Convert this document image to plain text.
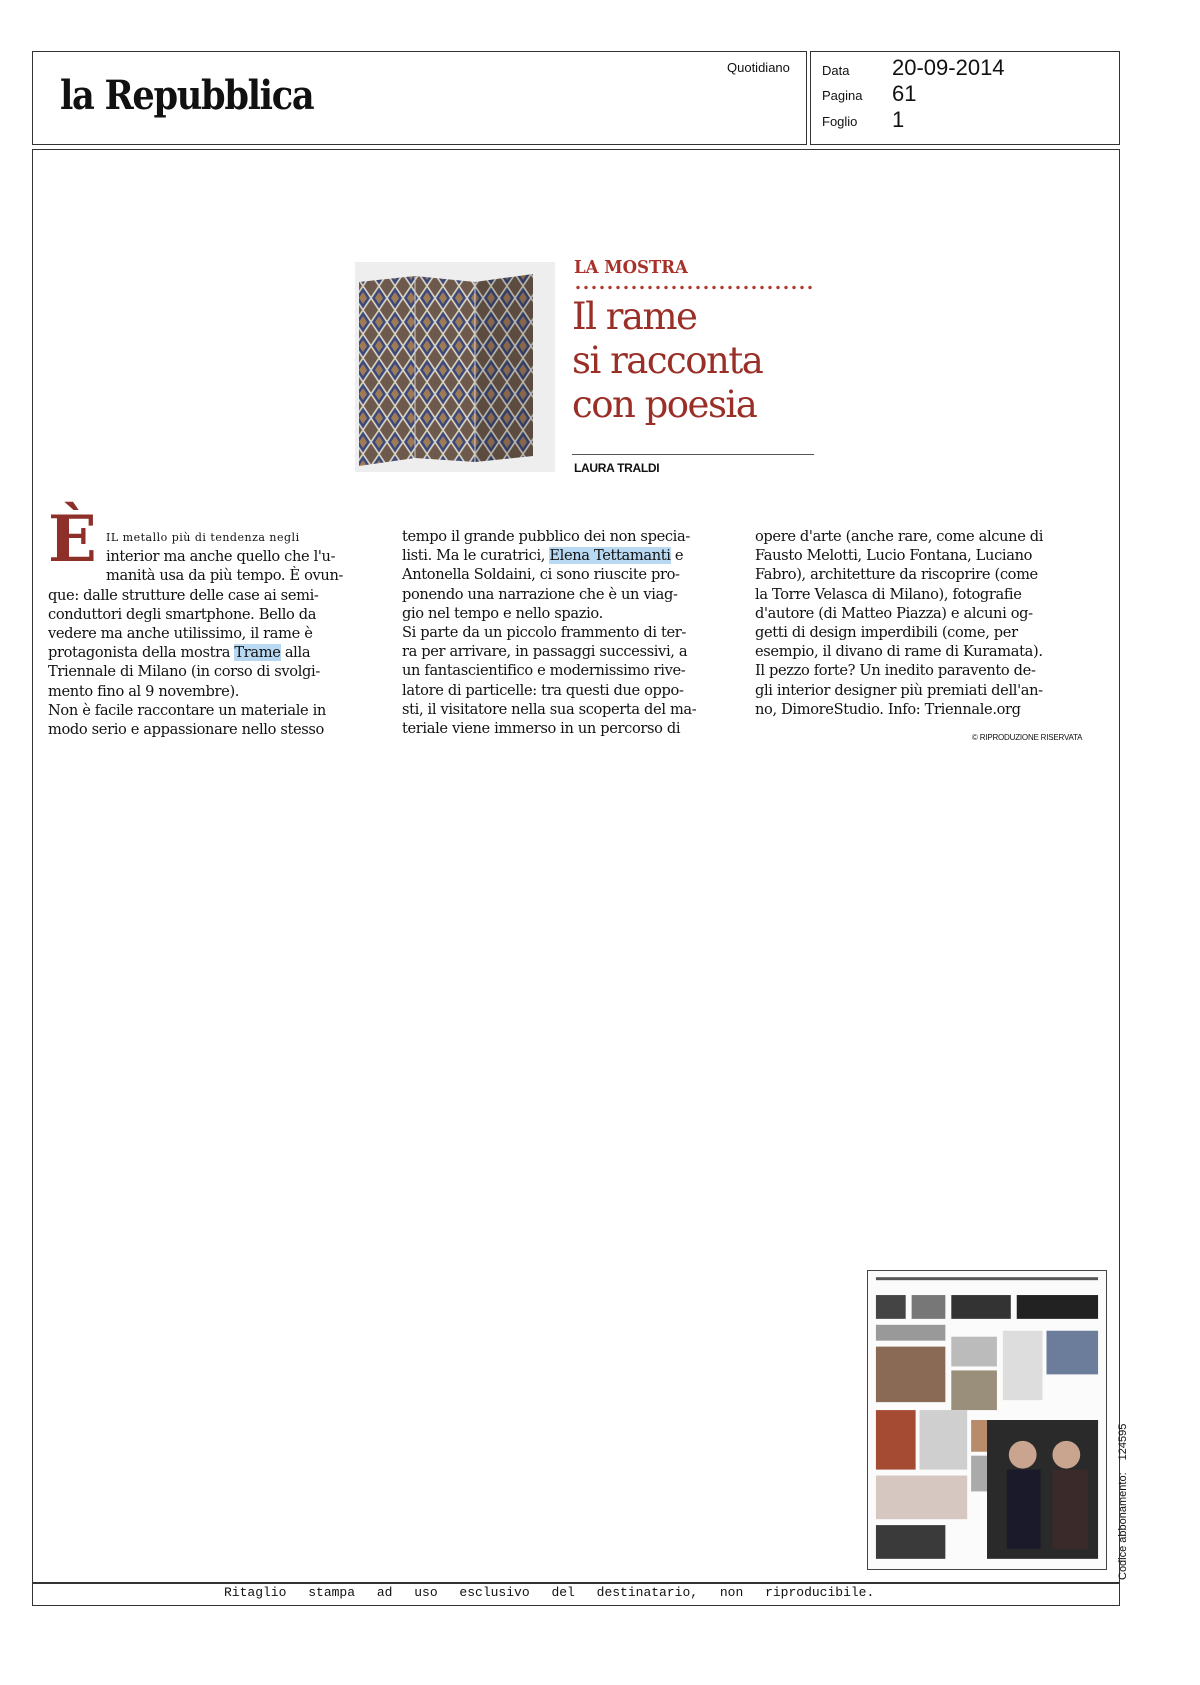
la Repubblica
Quotidiano Data 20-09-2014
Pagina 61
Foglio 1
LA MOSTRA
Il rame
si racconta
con poesia
LAURA TRALDI
È IL metallo più di tendenza negli
interior ma anche quello che l'u-
manità usa da più tempo. È ovun-
que: dalle strutture delle case ai semi-
conduttori degli smartphone. Bello da
vedere ma anche utilissimo, il rame è
protagonista della mostra Trame alla
Triennale di Milano (in corso di svolgi-
mento fino al 9 novembre).
Non è facile raccontare un materiale in
modo serio e appassionare nello stesso
tempo il grande pubblico dei non specia-
listi. Ma le curatrici, Elena Tettamanti e
Antonella Soldaini, ci sono riuscite pro-
ponendo una narrazione che è un viag-
gio nel tempo e nello spazio.
Si parte da un piccolo frammento di ter-
ra per arrivare, in passaggi successivi, a
un fantascientifico e modernissimo rive-
latore di particelle: tra questi due oppo-
sti, il visitatore nella sua scoperta del ma-
teriale viene immerso in un percorso di
opere d'arte (anche rare, come alcune di
Fausto Melotti, Lucio Fontana, Luciano
Fabro), architetture da riscoprire (come
la Torre Velasca di Milano), fotografie
d'autore (di Matteo Piazza) e alcuni og-
getti di design imperdibili (come, per
esempio, il divano di rame di Kuramata).
Il pezzo forte? Un inedito paravento de-
gli interior designer più premiati dell'an-
no, DimoreStudio. Info: Triennale.org
© RIPRODUZIONE RISERVATA
Codice abbonamento:124595
Ritaglio stampa ad uso esclusivo del destinatario, non riproducibile.
